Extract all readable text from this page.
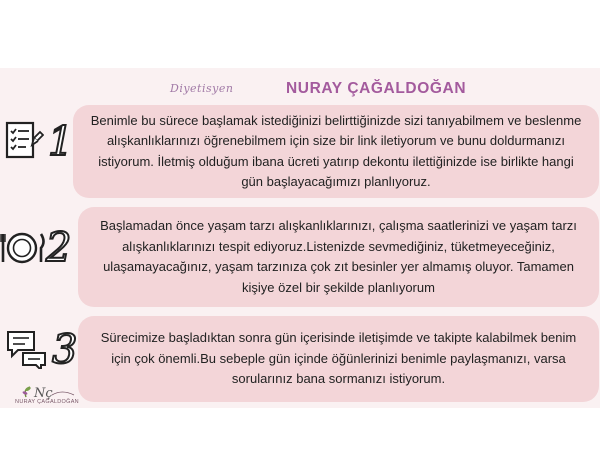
Diyetisyen	NURAY ÇAĞALDOĞAN
1 Benimle bu sürece başlamak istediğinizi belirttiğinizde sizi tanıyabilmem ve beslenme alışkanlıklarınızı öğrenebilmem için size bir link iletiyorum ve bunu doldurmanızı istiyorum. İletmiş olduğum ibana ücreti yatırıp dekontu ilettiğinizde ise birlikte hangi gün başlayacağımızı planlıyoruz.
2	Başlamadan önce yaşam tarzı alışkanlıklarınızı, çalışma saatlerinizi ve yaşam tarzı alışkanlıklarınızı tespit ediyoruz.Listenizde sevmediğiniz, tüketmeyeceğiniz, ulaşamayacağınız, yaşam tarzınıza çok zıt besinler yer almamış oluyor. Tamamen kişiye özel bir şekilde planlıyorum
3	Sürecimize başladıktan sonra gün içerisinde iletişimde ve takipte kalabilmek benim için çok önemli.Bu sebeple gün içinde öğünlerinizi benimle paylaşmanızı, varsa sorularınız bana sormanızı istiyorum.
Nç
NURAY ÇAĞALDOĞAN
